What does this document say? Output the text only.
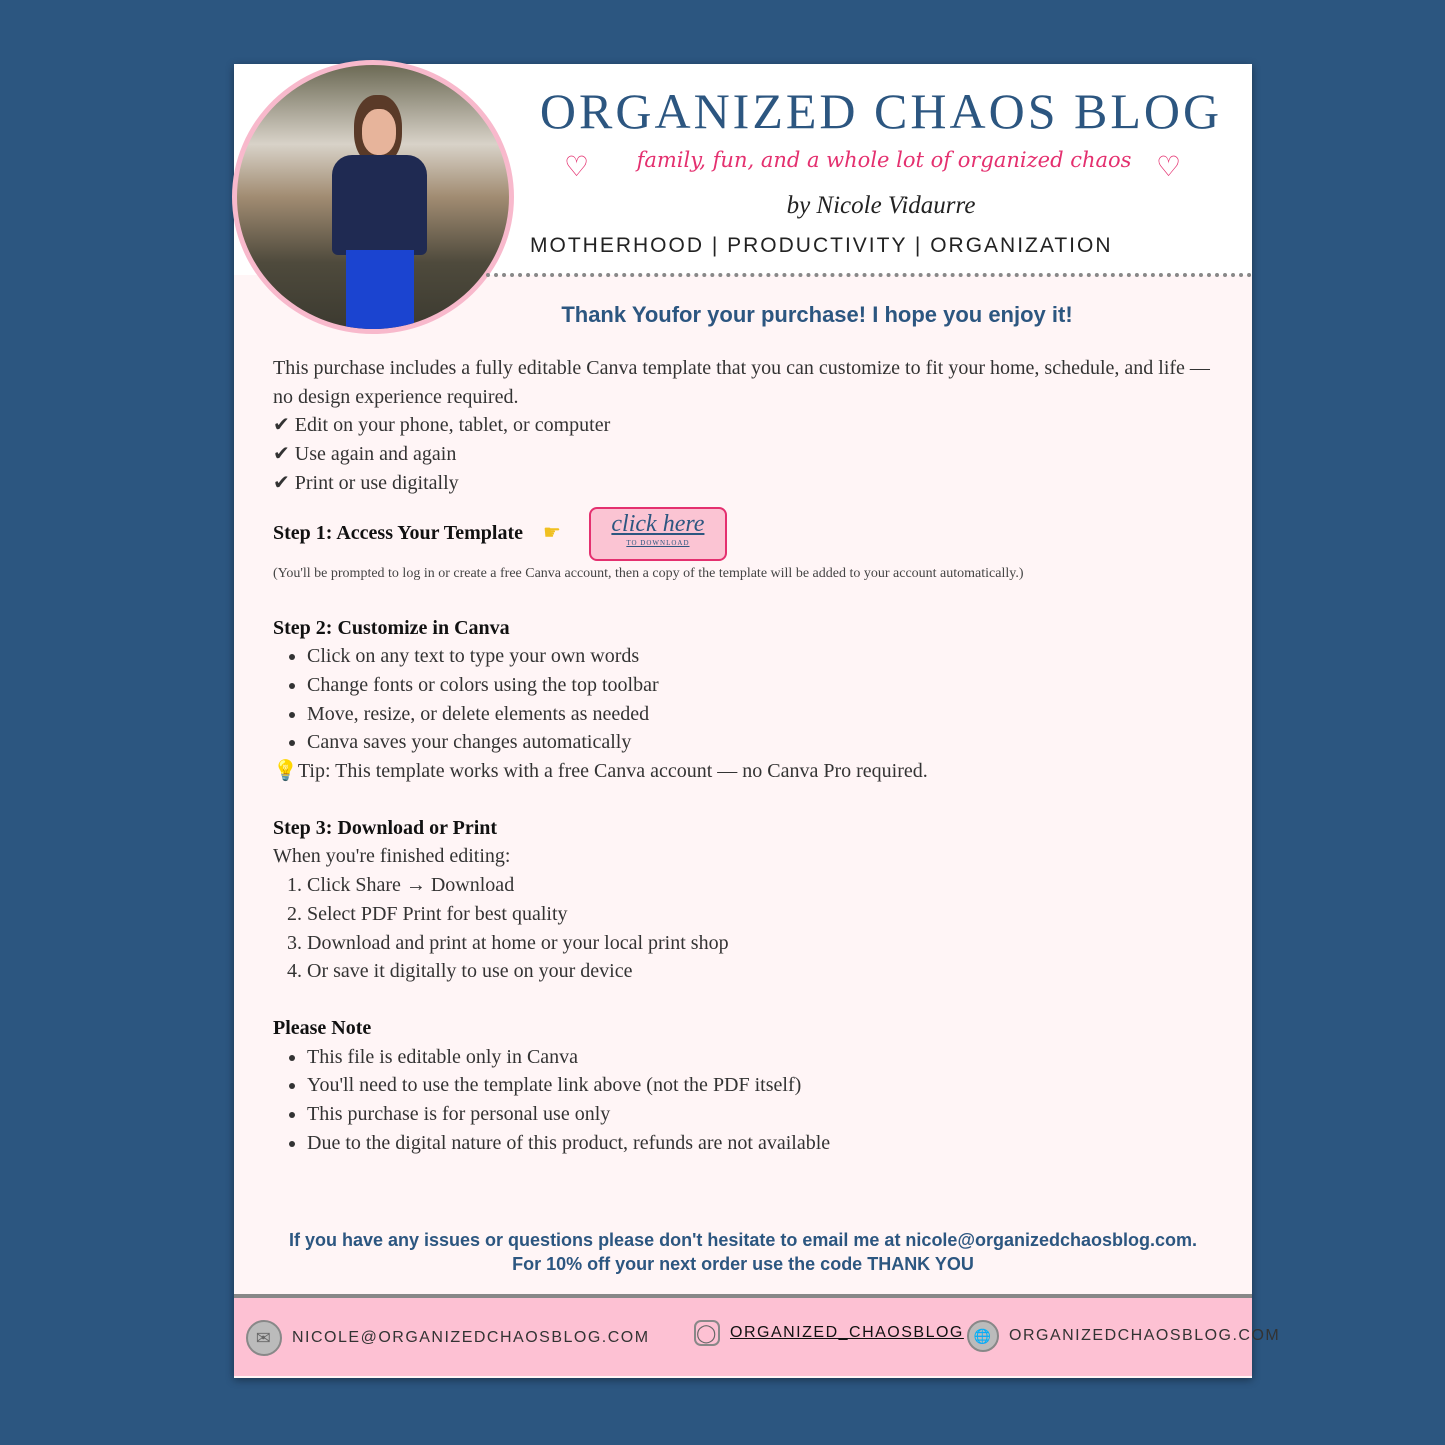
ORGANIZED CHAOS BLOG
♡	family, fun, and a whole lot of organized chaos ♡
by Nicole Vidaurre
MOTHERHOOD | PRODUCTIVITY | ORGANIZATION
Thank Youfor your purchase! I hope you enjoy it!

This purchase includes a fully editable Canva template that you can customize to fit your home, schedule, and life — no design experience required.

✔ Edit on your phone, tablet, or computer

✔ Use again and again

✔ Print or use digitally

Step 1: Access Your Template ☛	click here
TO DOWNLOAD

(You'll be prompted to log in or create a free Canva account, then a copy of the template will be added to your account automatically.)

Step 2: Customize in Canva

• Click on any text to type your own words
• Change fonts or colors using the top toolbar
• Move, resize, or delete elements as needed
• Canva saves your changes automatically

💡Tip: This template works with a free Canva account — no Canva Pro required.

Step 3: Download or Print

When you're finished editing:

1. Click Share → Download
2. Select PDF Print for best quality
3. Download and print at home or your local print shop
4. Or save it digitally to use on your device

Please Note

• This file is editable only in Canva
• You'll need to use the template link above (not the PDF itself)
• This purchase is for personal use only
• Due to the digital nature of this product, refunds are not available
If you have any issues or questions please don't hesitate to email me at nicole@organizedchaosblog.com.
For 10% off your next order use the code THANK YOU
✉	NICOLE@ORGANIZEDCHAOSBLOG.COM	◯ ORGANIZED_CHAOSBLOG 🌐	ORGANIZEDCHAOSBLOG.COM
